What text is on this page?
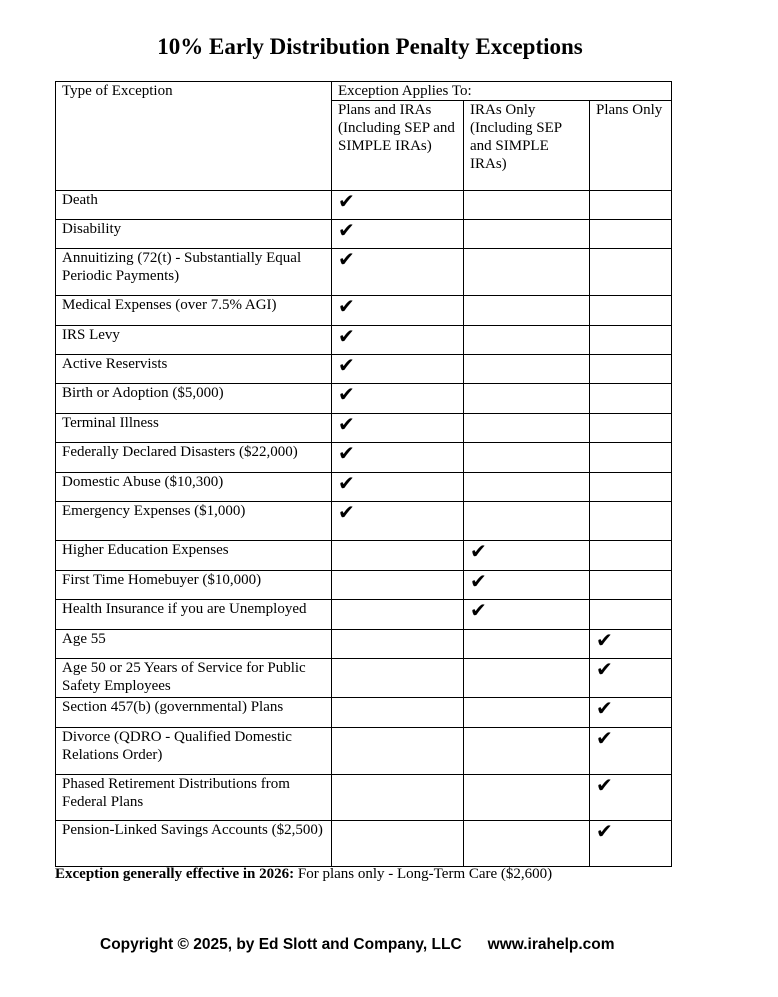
10% Early Distribution Penalty Exceptions
Type of Exception	Exception Applies To:		
	Plans and IRAs (Including SEP and SIMPLE IRAs)	IRAs Only (Including SEP and SIMPLE IRAs)	Plans Only
Death	✔		
Disability	✔		
Annuitizing (72(t) - Substantially Equal Periodic Payments)	✔		
Medical Expenses (over 7.5% AGI)	✔		
IRS Levy	✔		
Active Reservists	✔		
Birth or Adoption ($5,000)	✔		
Terminal Illness	✔		
Federally Declared Disasters ($22,000)	✔		
Domestic Abuse ($10,300)	✔		
Emergency Expenses ($1,000)	✔		
Higher Education Expenses		✔	
First Time Homebuyer ($10,000)		✔	
Health Insurance if you are Unemployed		✔	
Age 55			✔
Age 50 or 25 Years of Service for Public Safety Employees			✔
Section 457(b) (governmental) Plans			✔
Divorce (QDRO - Qualified Domestic Relations Order)			✔
Phased Retirement Distributions from Federal Plans			✔
Pension-Linked Savings Accounts ($2,500)			✔
Exception generally effective in 2026: For plans only - Long-Term Care ($2,600)
Copyright © 2025, by Ed Slott and Company, LLC www.irahelp.com
